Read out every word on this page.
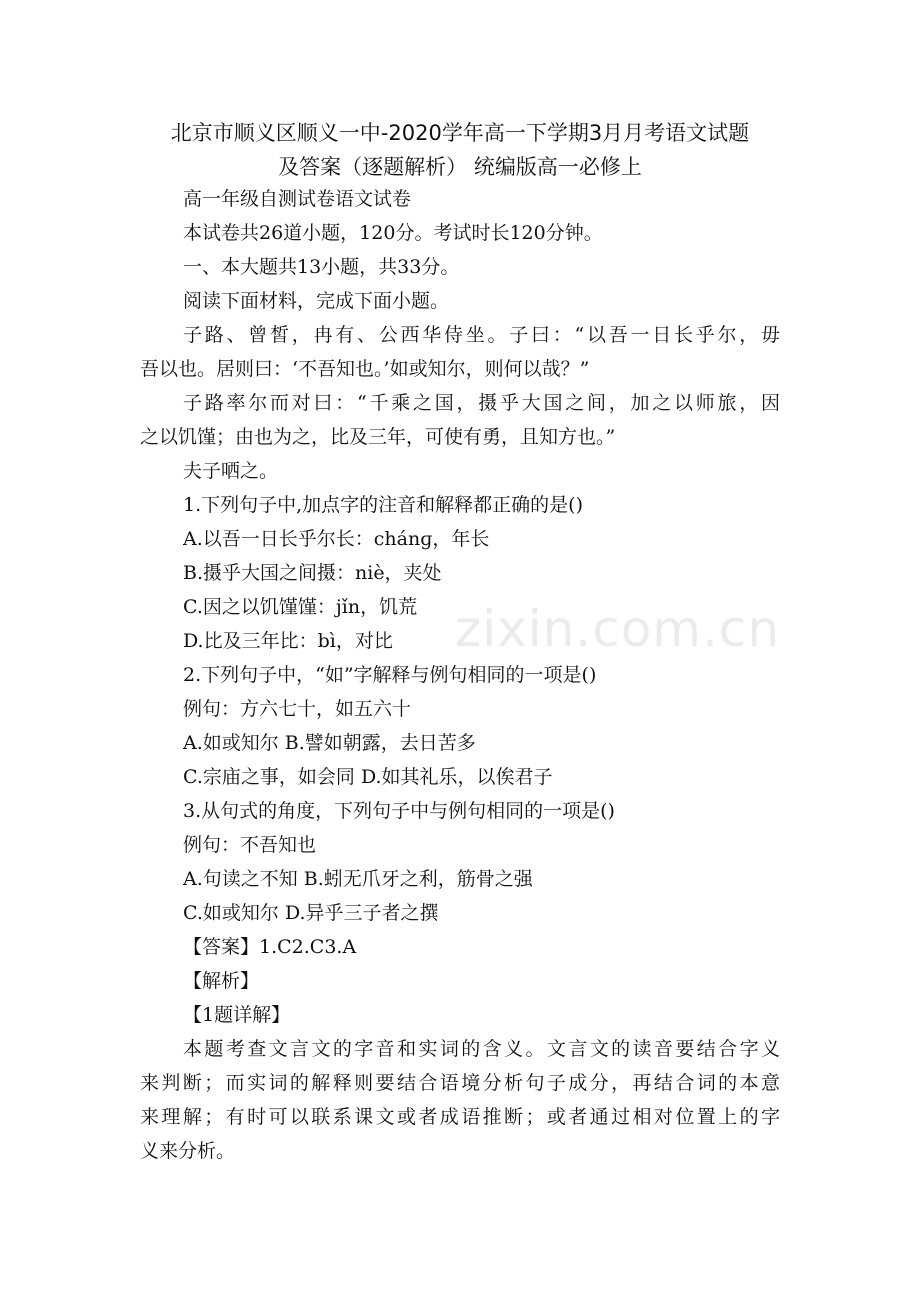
北京市顺义区顺义一中-2020学年高一下学期3月月考语文试题
及答案（逐题解析） 统编版高一必修上
高一年级自测试卷语文试卷
本试卷共26道小题，120分。考试时长120分钟。
一、本大题共13小题，共33分。
阅读下面材料，完成下面小题。
子路、曾皙，冉有、公西华侍坐。子曰：“以吾一日长乎尔，毋
吾以也。居则曰：‘不吾知也。’如或知尔，则何以哉？”
子路率尔而对曰：“千乘之国，摄乎大国之间，加之以师旅，因
之以饥馑；由也为之，比及三年，可使有勇，且知方也。”
夫子哂之。
1.下列句子中,加点字的注音和解释都正确的是()
A.以吾一日长乎尔长：chánɡ，年长
B.摄乎大国之间摄：niè，夹处
C.因之以饥馑馑：jǐn，饥荒
D.比及三年比：bì，对比
2.下列句子中，“如”字解释与例句相同的一项是()
例句：方六七十，如五六十
A.如或知尔 B.譬如朝露，去日苦多
C.宗庙之事，如会同 D.如其礼乐，以俟君子
3.从句式的角度，下列句子中与例句相同的一项是()
例句：不吾知也
A.句读之不知 B.蚓无爪牙之利，筋骨之强
C.如或知尔 D.异乎三子者之撰
【答案】1.C2.C3.A
【解析】
【1题详解】
本题考查文言文的字音和实词的含义。文言文的读音要结合字义
来判断；而实词的解释则要结合语境分析句子成分，再结合词的本意
来理解；有时可以联系课文或者成语推断；或者通过相对位置上的字
义来分析。
zixin.com.cn
